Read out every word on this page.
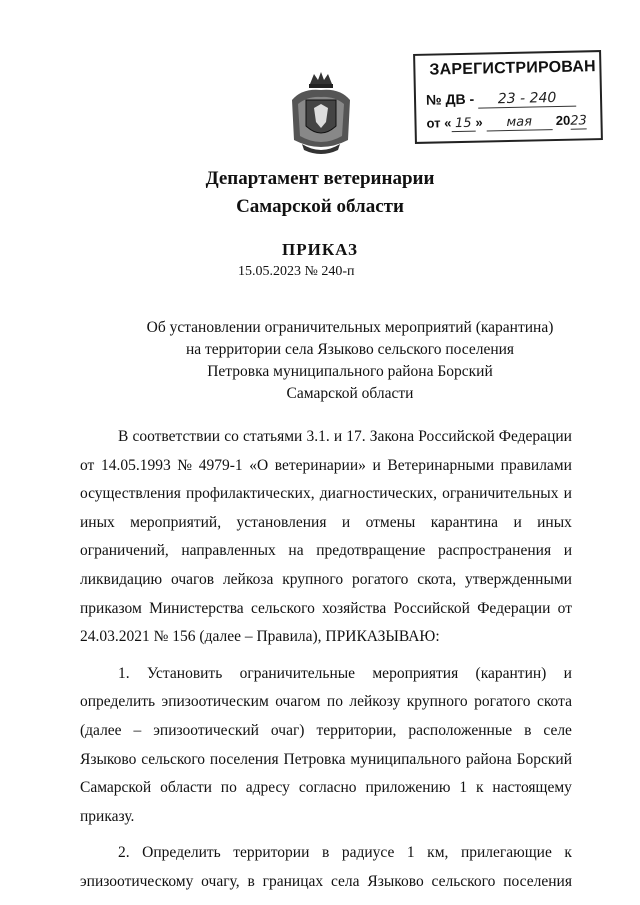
ЗАРЕГИСТРИРОВАН
№ ДВ - 23 - 240
от « 15 » мая 2023
Департамент ветеринарии
Самарской области
ПРИКАЗ
15.05.2023 № 240-п
Об установлении ограничительных мероприятий (карантина)
на территории села Языково сельского поселения
Петровка муниципального района Борский
Самарской области
В соответствии со статьями 3.1. и 17. Закона Российской Федерации
от 14.05.1993 № 4979-1 «О ветеринарии» и Ветеринарными правилами
осуществления профилактических, диагностических, ограничительных и
иных мероприятий, установления и отмены карантина и иных
ограничений, направленных на предотвращение распространения и
ликвидацию очагов лейкоза крупного рогатого скота, утвержденными
приказом Министерства сельского хозяйства Российской Федерации от
24.03.2021 № 156 (далее – Правила), ПРИКАЗЫВАЮ:
1. Установить ограничительные мероприятия (карантин) и
определить эпизоотическим очагом по лейкозу крупного рогатого скота
(далее – эпизоотический очаг) территории, расположенные в селе
Языково сельского поселения Петровка муниципального района Борский
Самарской области по адресу согласно приложению 1 к настоящему
приказу.
2. Определить территории в радиусе 1 км, прилегающие к
эпизоотическому очагу, в границах села Языково сельского поселения
